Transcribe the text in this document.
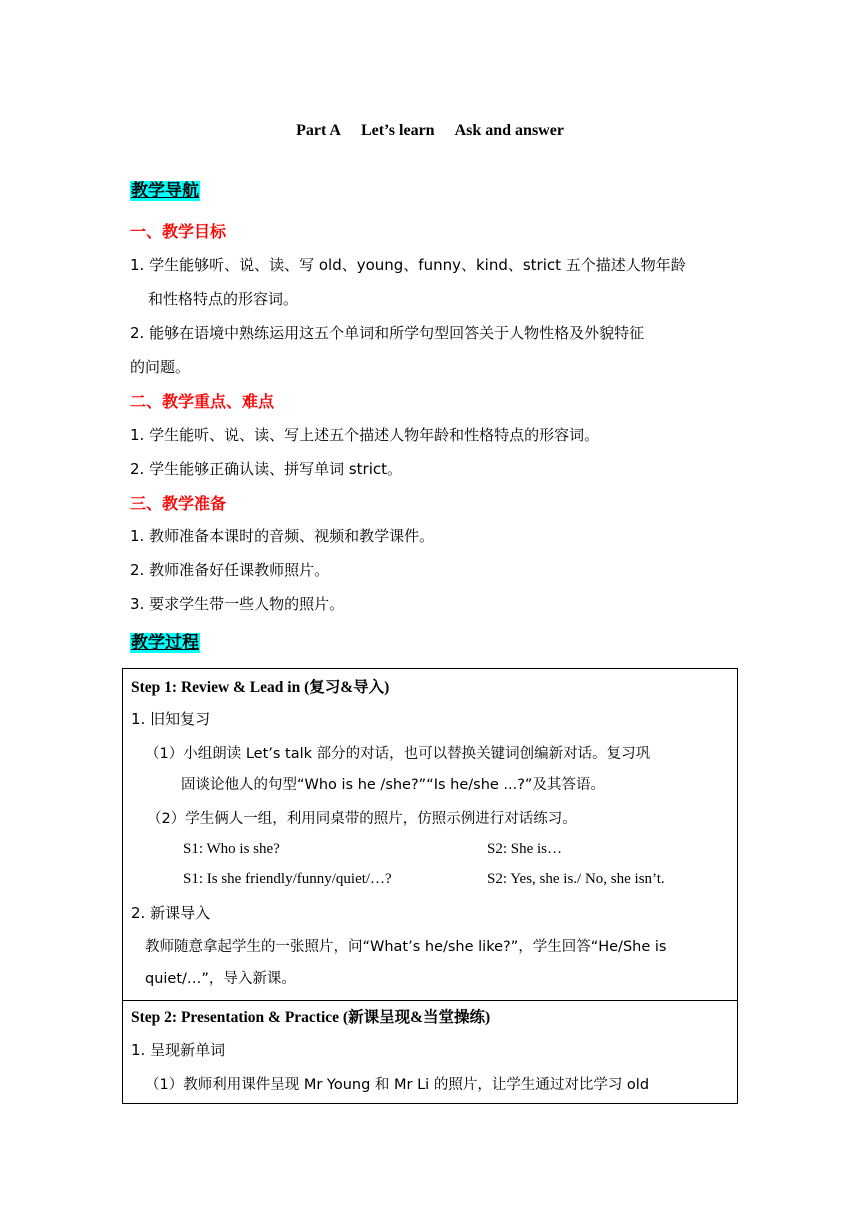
Part A Let’s learn Ask and answer
教学导航
一、教学目标
1. 学生能够听、说、读、写 old、young、funny、kind、strict 五个描述人物年龄
和性格特点的形容词。
2. 能够在语境中熟练运用这五个单词和所学句型回答关于人物性格及外貌特征
的问题。
二、教学重点、难点
1. 学生能听、说、读、写上述五个描述人物年龄和性格特点的形容词。
2. 学生能够正确认读、拼写单词 strict。
三、教学准备
1. 教师准备本课时的音频、视频和教学课件。
2. 教师准备好任课教师照片。
3. 要求学生带一些人物的照片。
教学过程
Step 1: Review & Lead in (复习&导入)
1. 旧知复习
（1）小组朗读 Let’s talk 部分的对话，也可以替换关键词创编新对话。复习巩
固谈论他人的句型“Who is he /she?”“Is he/she ...?”及其答语。
（2）学生俩人一组，利用同桌带的照片，仿照示例进行对话练习。
S1: Who is she?	S2: She is…
S1: Is she friendly/funny/quiet/…?	S2: Yes, she is./ No, she isn’t.
2. 新课导入
教师随意拿起学生的一张照片，问“What’s he/she like?”，学生回答“He/She is
quiet/…”，导入新课。
Step 2: Presentation & Practice (新课呈现&当堂操练)
1. 呈现新单词
（1）教师利用课件呈现 Mr Young 和 Mr Li 的照片，让学生通过对比学习 old
